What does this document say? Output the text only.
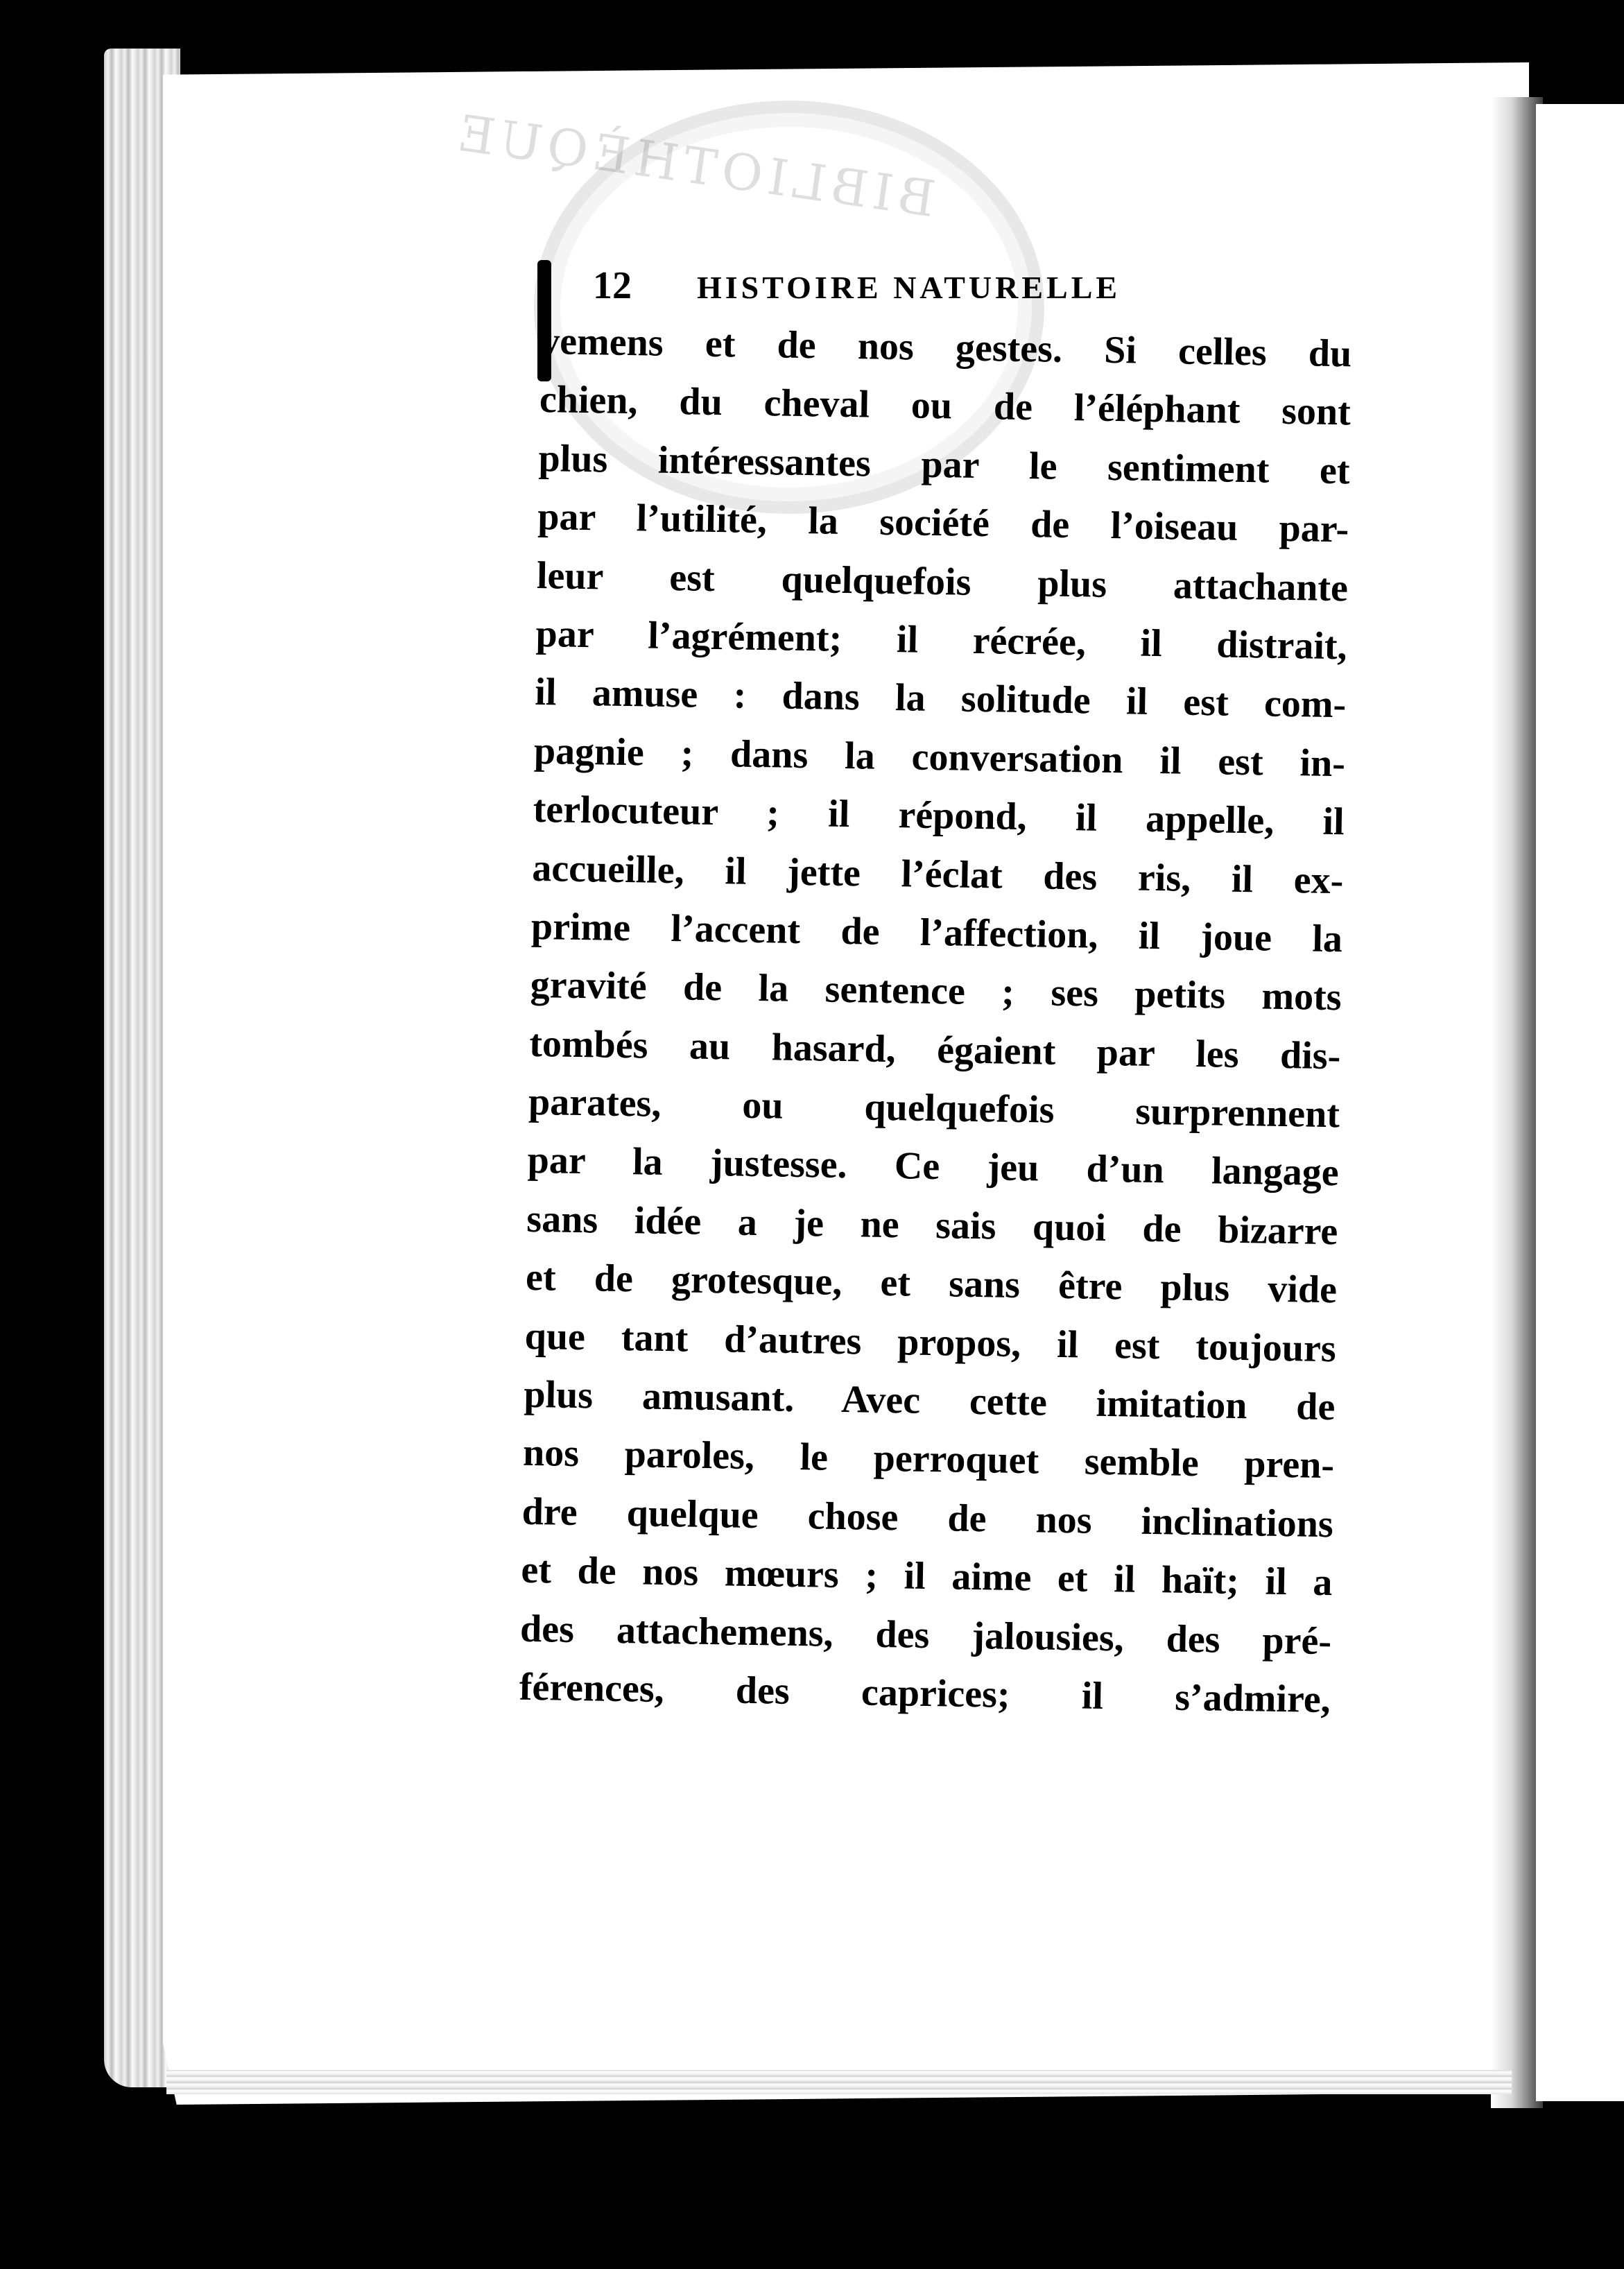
BIBLIOTHÈQUE
12 HISTOIRE NATURELLE
vemens et de nos gestes. Si celles du
chien, du cheval ou de l’éléphant sont
plus intéressantes par le sentiment et
par l’utilité, la société de l’oiseau par-
leur est quelquefois plus attachante
par l’agrément; il récrée, il distrait,
il amuse : dans la solitude il est com-
pagnie ; dans la conversation il est in-
terlocuteur ; il répond, il appelle, il
accueille, il jette l’éclat des ris, il ex-
prime l’accent de l’affection, il joue la
gravité de la sentence ; ses petits mots
tombés au hasard, égaient par les dis-
parates, ou quelquefois surprennent
par la justesse. Ce jeu d’un langage
sans idée a je ne sais quoi de bizarre
et de grotesque, et sans être plus vide
que tant d’autres propos, il est toujours
plus amusant. Avec cette imitation de
nos paroles, le perroquet semble pren-
dre quelque chose de nos inclinations
et de nos mœurs ; il aime et il haït; il a
des attachemens, des jalousies, des pré-
férences, des caprices; il s’admire,
